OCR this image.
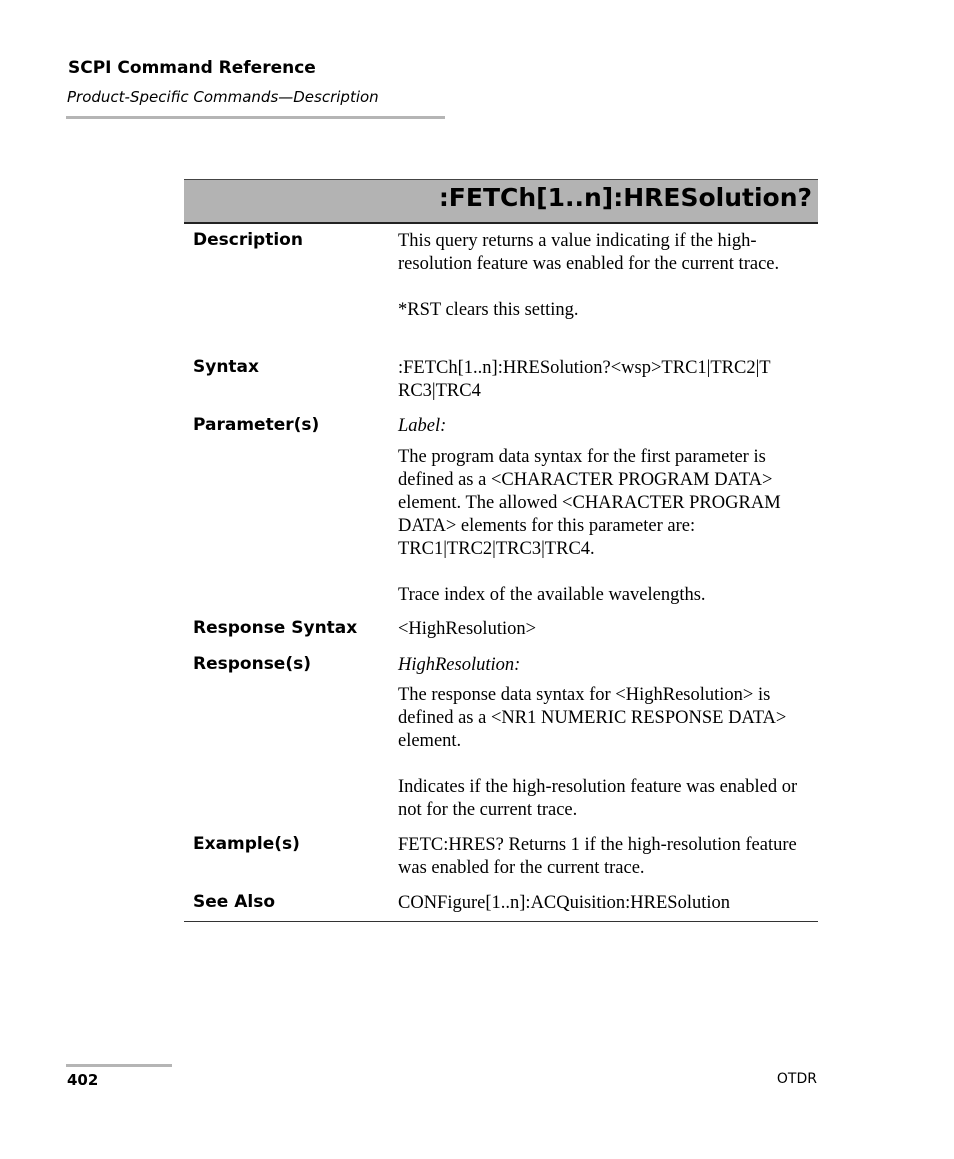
SCPI Command Reference
Product-Specific Commands—Description
:FETCh[1..n]:HRESolution?
Description	This query returns a value indicating if the high-resolution feature was enabled for the current trace.

*RST clears this setting.

Syntax	:FETCh[1..n]:HRESolution?<wsp>TRC1|TRC2|T

RC3|TRC4

Parameter(s)	Label:

The program data syntax for the first parameter is defined as a <CHARACTER PROGRAM DATA> element. The allowed <CHARACTER PROGRAM DATA> elements for this parameter are: TRC1|TRC2|TRC3|TRC4.

Trace index of the available wavelengths.

Response Syntax <HighResolution>

Response(s)	HighResolution:

The response data syntax for <HighResolution> is defined as a <NR1 NUMERIC RESPONSE DATA> element.

Indicates if the high-resolution feature was enabled or not for the current trace.

Example(s)	FETC:HRES? Returns 1 if the high-resolution feature was enabled for the current trace.

See Also	CONFigure[1..n]:ACQuisition:HRESolution

402	OTDR
